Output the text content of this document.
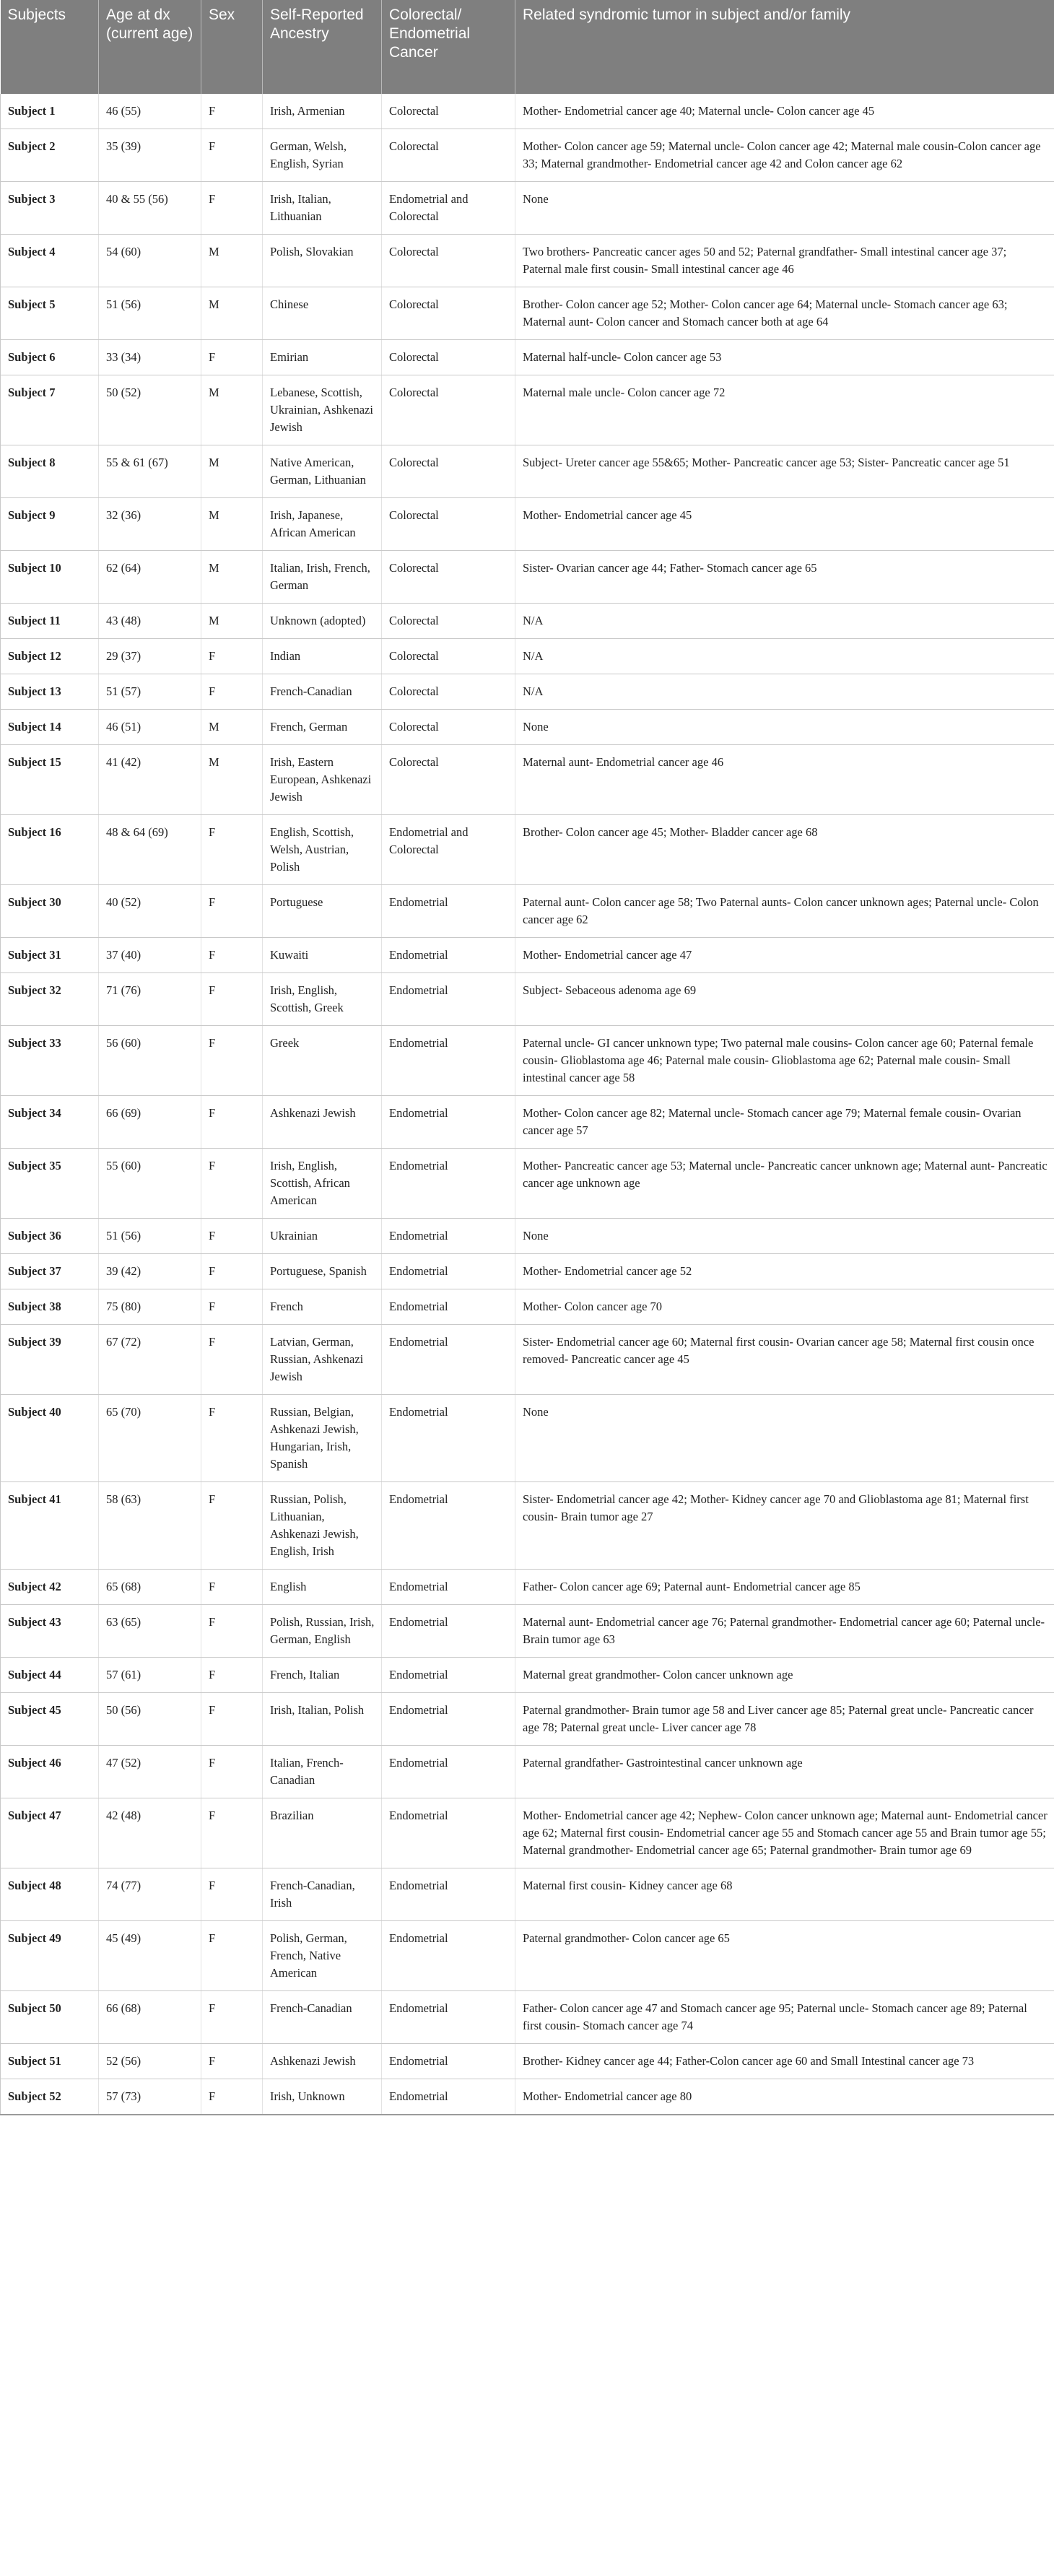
Subjects	Age at dx (current age)	Sex	Self-Reported Ancestry	Colorectal/ Endometrial Cancer	Related syndromic tumor in subject and/or family
Subject 1	46 (55)	F	Irish, Armenian	Colorectal	Mother- Endometrial cancer age 40; Maternal uncle- Colon cancer age 45
Subject 2	35 (39)	F	German, Welsh, English, Syrian	Colorectal	Mother- Colon cancer age 59; Maternal uncle- Colon cancer age 42; Maternal male cousin-Colon cancer age 33; Maternal grandmother- Endometrial cancer age 42 and Colon cancer age 62
Subject 3	40 & 55 (56)	F	Irish, Italian, Lithuanian	Endometrial and Colorectal	None
Subject 4	54 (60)	M	Polish, Slovakian	Colorectal	Two brothers- Pancreatic cancer ages 50 and 52; Paternal grandfather- Small intestinal cancer age 37; Paternal male first cousin- Small intestinal cancer age 46
Subject 5	51 (56)	M	Chinese	Colorectal	Brother- Colon cancer age 52; Mother- Colon cancer age 64; Maternal uncle- Stomach cancer age 63; Maternal aunt- Colon cancer and Stomach cancer both at age 64
Subject 6	33 (34)	F	Emirian	Colorectal	Maternal half-uncle- Colon cancer age 53
Subject 7	50 (52)	M	Lebanese, Scottish, Ukrainian, Ashkenazi Jewish	Colorectal	Maternal male uncle- Colon cancer age 72
Subject 8	55 & 61 (67)	M	Native American, German, Lithuanian	Colorectal	Subject- Ureter cancer age 55&65; Mother- Pancreatic cancer age 53; Sister- Pancreatic cancer age 51
Subject 9	32 (36)	M	Irish, Japanese, African American	Colorectal	Mother- Endometrial cancer age 45
Subject 10	62 (64)	M	Italian, Irish, French, German	Colorectal	Sister- Ovarian cancer age 44; Father- Stomach cancer age 65
Subject 11	43 (48)	M	Unknown (adopted)	Colorectal	N/A
Subject 12	29 (37)	F	Indian	Colorectal	N/A
Subject 13	51 (57)	F	French-Canadian	Colorectal	N/A
Subject 14	46 (51)	M	French, German	Colorectal	None
Subject 15	41 (42)	M	Irish, Eastern European, Ashkenazi Jewish	Colorectal	Maternal aunt- Endometrial cancer age 46
Subject 16	48 & 64 (69)	F	English, Scottish, Welsh, Austrian, Polish	Endometrial and Colorectal	Brother- Colon cancer age 45; Mother- Bladder cancer age 68
Subject 30	40 (52)	F	Portuguese	Endometrial	Paternal aunt- Colon cancer age 58; Two Paternal aunts- Colon cancer unknown ages; Paternal uncle- Colon cancer age 62
Subject 31	37 (40)	F	Kuwaiti	Endometrial	Mother- Endometrial cancer age 47
Subject 32	71 (76)	F	Irish, English, Scottish, Greek	Endometrial	Subject- Sebaceous adenoma age 69
Subject 33	56 (60)	F	Greek	Endometrial	Paternal uncle- GI cancer unknown type; Two paternal male cousins- Colon cancer age 60; Paternal female cousin- Glioblastoma age 46; Paternal male cousin- Glioblastoma age 62; Paternal male cousin- Small intestinal cancer age 58
Subject 34	66 (69)	F	Ashkenazi Jewish	Endometrial	Mother- Colon cancer age 82; Maternal uncle- Stomach cancer age 79; Maternal female cousin- Ovarian cancer age 57
Subject 35	55 (60)	F	Irish, English, Scottish, African American	Endometrial	Mother- Pancreatic cancer age 53; Maternal uncle- Pancreatic cancer unknown age; Maternal aunt- Pancreatic cancer age unknown age
Subject 36	51 (56)	F	Ukrainian	Endometrial	None
Subject 37	39 (42)	F	Portuguese, Spanish	Endometrial	Mother- Endometrial cancer age 52
Subject 38	75 (80)	F	French	Endometrial	Mother- Colon cancer age 70
Subject 39	67 (72)	F	Latvian, German, Russian, Ashkenazi Jewish	Endometrial	Sister- Endometrial cancer age 60; Maternal first cousin- Ovarian cancer age 58; Maternal first cousin once removed- Pancreatic cancer age 45
Subject 40	65 (70)	F	Russian, Belgian, Ashkenazi Jewish, Hungarian, Irish, Spanish	Endometrial	None
Subject 41	58 (63)	F	Russian, Polish, Lithuanian, Ashkenazi Jewish, English, Irish	Endometrial	Sister- Endometrial cancer age 42; Mother- Kidney cancer age 70 and Glioblastoma age 81; Maternal first cousin- Brain tumor age 27
Subject 42	65 (68)	F	English	Endometrial	Father- Colon cancer age 69; Paternal aunt- Endometrial cancer age 85
Subject 43	63 (65)	F	Polish, Russian, Irish, German, English	Endometrial	Maternal aunt- Endometrial cancer age 76; Paternal grandmother- Endometrial cancer age 60; Paternal uncle- Brain tumor age 63
Subject 44	57 (61)	F	French, Italian	Endometrial	Maternal great grandmother- Colon cancer unknown age
Subject 45	50 (56)	F	Irish, Italian, Polish	Endometrial	Paternal grandmother- Brain tumor age 58 and Liver cancer age 85; Paternal great uncle- Pancreatic cancer age 78; Paternal great uncle- Liver cancer age 78
Subject 46	47 (52)	F	Italian, French-Canadian	Endometrial	Paternal grandfather- Gastrointestinal cancer unknown age
Subject 47	42 (48)	F	Brazilian	Endometrial	Mother- Endometrial cancer age 42; Nephew- Colon cancer unknown age; Maternal aunt- Endometrial cancer age 62; Maternal first cousin- Endometrial cancer age 55 and Stomach cancer age 55 and Brain tumor age 55; Maternal grandmother- Endometrial cancer age 65; Paternal grandmother- Brain tumor age 69
Subject 48	74 (77)	F	French-Canadian, Irish	Endometrial	Maternal first cousin- Kidney cancer age 68
Subject 49	45 (49)	F	Polish, German, French, Native American	Endometrial	Paternal grandmother- Colon cancer age 65
Subject 50	66 (68)	F	French-Canadian	Endometrial	Father- Colon cancer age 47 and Stomach cancer age 95; Paternal uncle- Stomach cancer age 89; Paternal first cousin- Stomach cancer age 74
Subject 51	52 (56)	F	Ashkenazi Jewish	Endometrial	Brother- Kidney cancer age 44; Father-Colon cancer age 60 and Small Intestinal cancer age 73
Subject 52	57 (73)	F	Irish, Unknown	Endometrial	Mother- Endometrial cancer age 80
